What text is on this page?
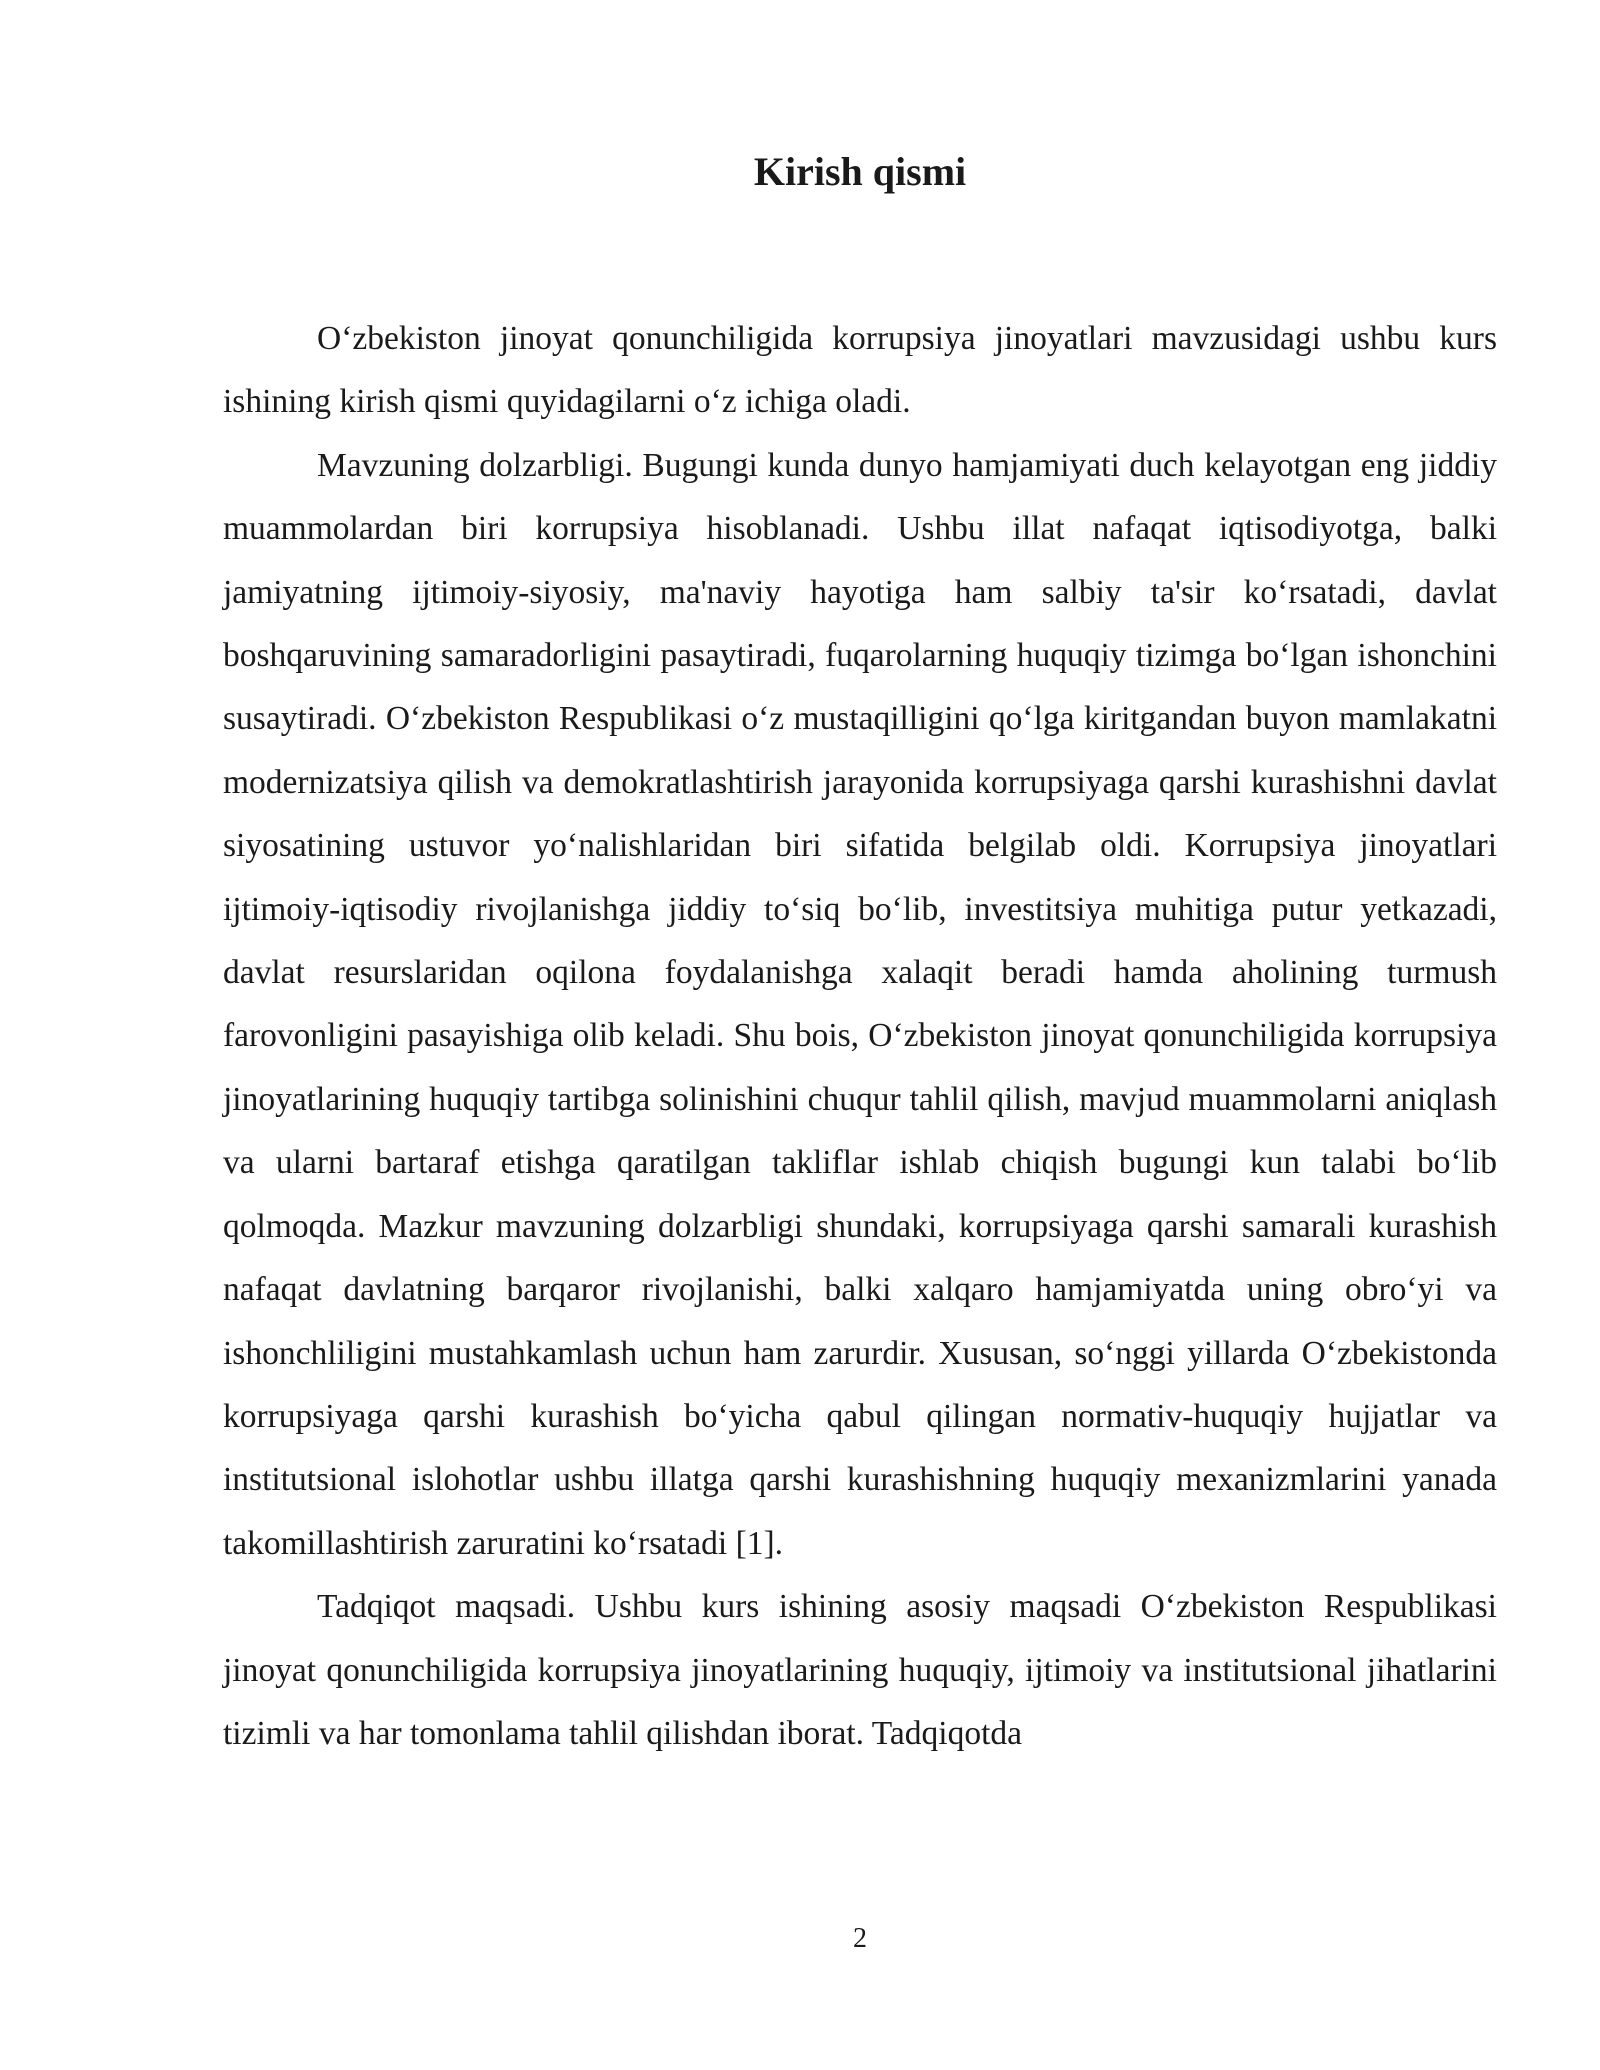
Kirish qismi

O‘zbekiston jinoyat qonunchiligida korrupsiya jinoyatlari mavzusidagi ushbu kurs ishining kirish qismi quyidagilarni o‘z ichiga oladi.

Mavzuning dolzarbligi. Bugungi kunda dunyo hamjamiyati duch kelayotgan eng jiddiy muammolardan biri korrupsiya hisoblanadi. Ushbu illat nafaqat iqtisodiyotga, balki jamiyatning ijtimoiy-siyosiy, ma'naviy hayotiga ham salbiy ta'sir ko‘rsatadi, davlat boshqaruvining samaradorligini pasaytiradi, fuqarolarning huquqiy tizimga bo‘lgan ishonchini susaytiradi. O‘zbekiston Respublikasi o‘z mustaqilligini qo‘lga kiritgandan buyon mamlakatni modernizatsiya qilish va demokratlashtirish jarayonida korrupsiyaga qarshi kurashishni davlat siyosatining ustuvor yo‘nalishlaridan biri sifatida belgilab oldi. Korrupsiya jinoyatlari ijtimoiy-iqtisodiy rivojlanishga jiddiy to‘siq bo‘lib, investitsiya muhitiga putur yetkazadi, davlat resurslaridan oqilona foydalanishga xalaqit beradi hamda aholining turmush farovonligini pasayishiga olib keladi. Shu bois, O‘zbekiston jinoyat qonunchiligida korrupsiya jinoyatlarining huquqiy tartibga solinishini chuqur tahlil qilish, mavjud muammolarni aniqlash va ularni bartaraf etishga qaratilgan takliflar ishlab chiqish bugungi kun talabi bo‘lib qolmoqda. Mazkur mavzuning dolzarbligi shundaki, korrupsiyaga qarshi samarali kurashish nafaqat davlatning barqaror rivojlanishi, balki xalqaro hamjamiyatda uning obro‘yi va ishonchliligini mustahkamlash uchun ham zarurdir. Xususan, so‘nggi yillarda O‘zbekistonda korrupsiyaga qarshi kurashish bo‘yicha qabul qilingan normativ-huquqiy hujjatlar va institutsional islohotlar ushbu illatga qarshi kurashishning huquqiy mexanizmlarini yanada takomillashtirish zaruratini ko‘rsatadi [1].

Tadqiqot maqsadi. Ushbu kurs ishining asosiy maqsadi O‘zbekiston Respublikasi jinoyat qonunchiligida korrupsiya jinoyatlarining huquqiy, ijtimoiy va institutsional jihatlarini tizimli va har tomonlama tahlil qilishdan iborat. Tadqiqotda

2
